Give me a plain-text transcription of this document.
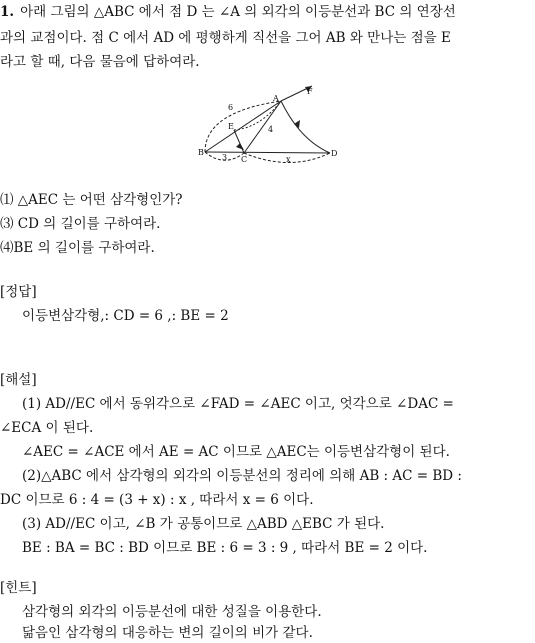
1. 아래 그림의 △ABC 에서 점 D 는 ∠A 의 외각의 이등분선과 BC 의 연장선
과의 교점이다. 점 C 에서 AD 에 평행하게 직선을 그어 AB 와 만나는 점을 E
라고 할 때, 다음 물음에 답하여라.
A
B
C
D
E
F
6
3	x
4
⑴ △AEC 는 어떤 삼각형인가?
⑶ CD 의 길이를 구하여라.
⑷BE 의 길이를 구하여라.
[정답]
이등변삼각형,: CD = 6 ,: BE = 2
[해설]
(1) AD//EC 에서 동위각으로 ∠FAD = ∠AEC 이고, 엇각으로 ∠DAC =
∠ECA 이 된다.
∠AEC = ∠ACE 에서 AE = AC 이므로 △AEC는 이등변삼각형이 된다.
(2)△ABC 에서 삼각형의 외각의 이등분선의 정리에 의해 AB : AC = BD :
DC 이므로 6 : 4 = (3 + x) : x , 따라서 x = 6 이다.
(3) AD//EC 이고, ∠B 가 공통이므로 △ABD △EBC 가 된다.
BE : BA = BC : BD 이므로 BE : 6 = 3 : 9 , 따라서 BE = 2 이다.
[힌트]
삼각형의 외각의 이등분선에 대한 성질을 이용한다.
닮음인 삼각형의 대응하는 변의 길이의 비가 같다.
